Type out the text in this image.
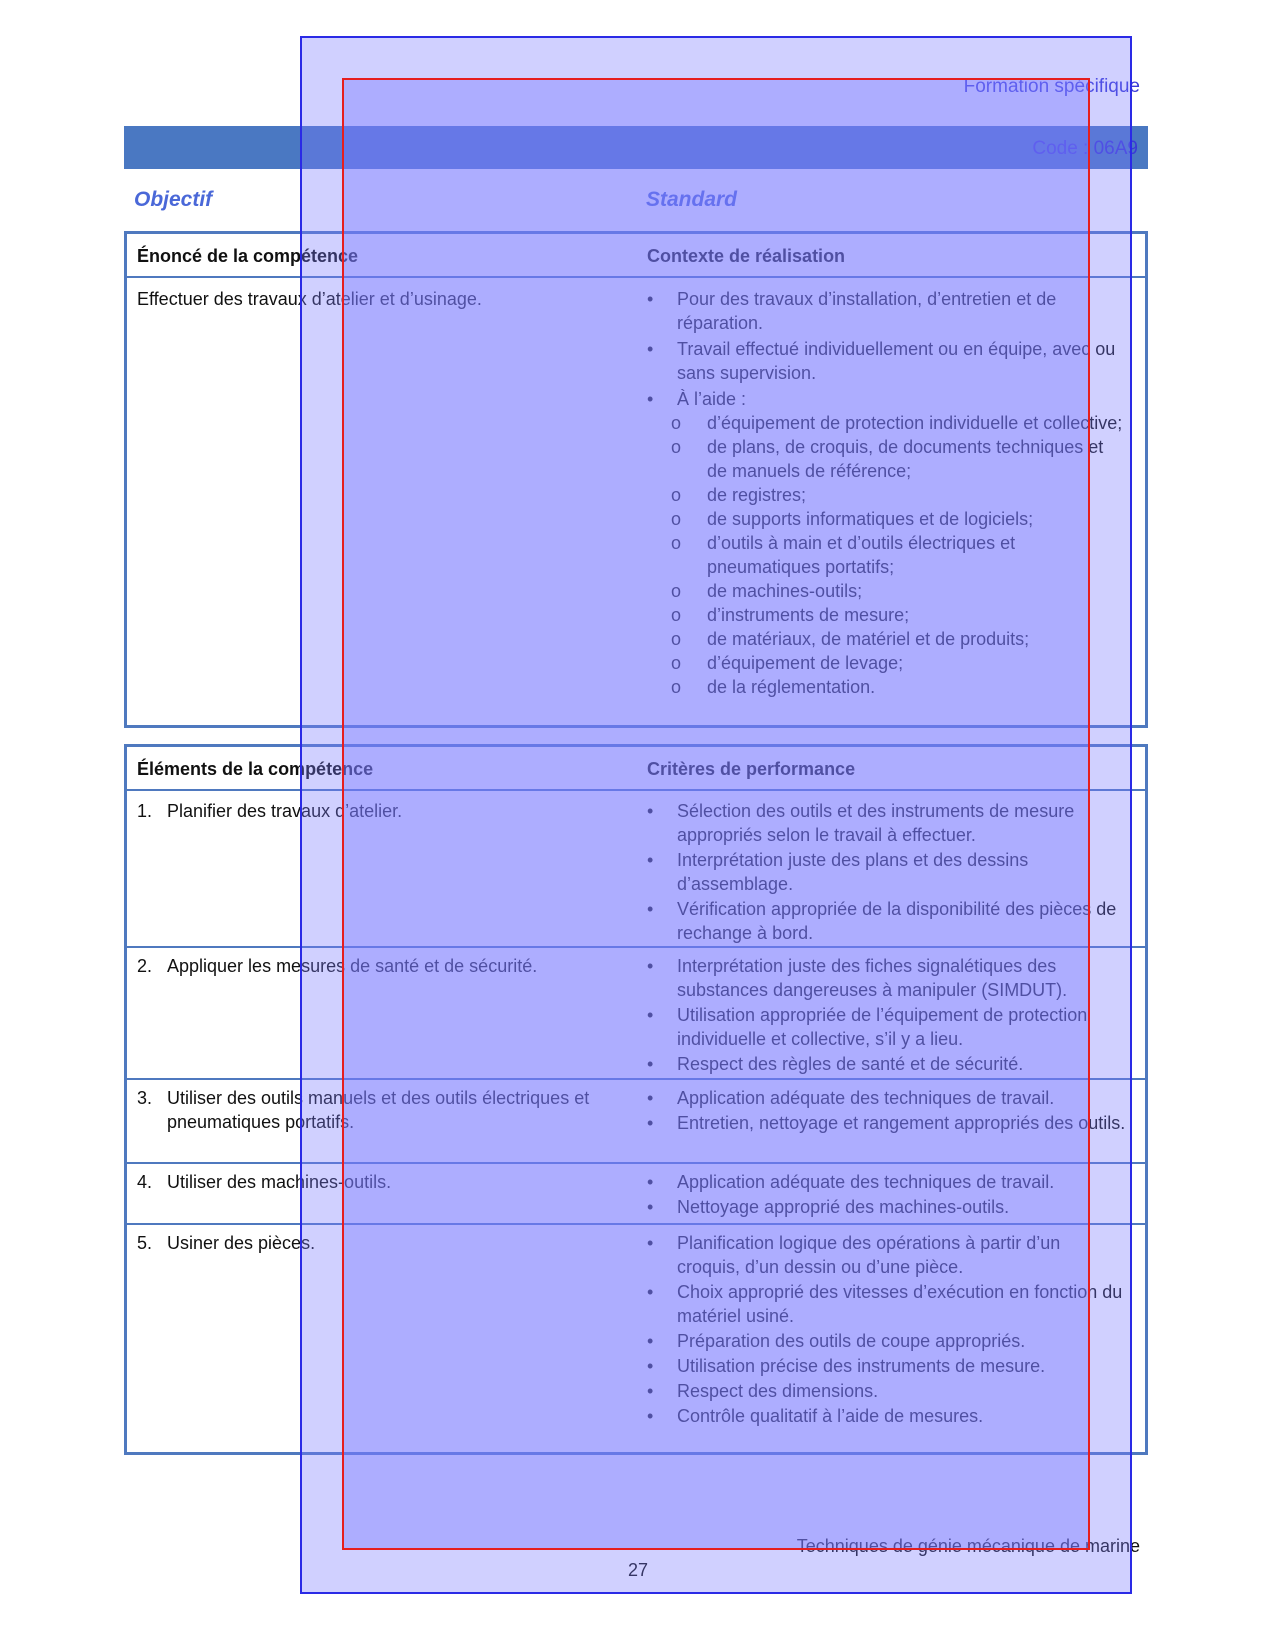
Formation spécifique
Code : 06A9
Objectif	Standard
Énoncé de la compétence	Contexte de réalisation
Effectuer des travaux d’atelier et d’usinage.	•	Pour des travaux d’installation, d’entretien et de réparation.
•	Travail effectué individuellement ou en équipe, avec ou sans supervision.
•	À l’aide :
o	d’équipement de protection individuelle et collective;
o	de plans, de croquis, de documents techniques et de manuels de référence;
o	de registres;
o	de supports informatiques et de logiciels;
o	d’outils à main et d’outils électriques et pneumatiques portatifs;
o	de machines-outils;
o	d’instruments de mesure;
o	de matériaux, de matériel et de produits;
o	d’équipement de levage;
o	de la réglementation.
Éléments de la compétence	Critères de performance
1. Planifier des travaux d’atelier.	•	Sélection des outils et des instruments de mesure appropriés selon le travail à effectuer.
•	Interprétation juste des plans et des dessins d’assemblage.
•	Vérification appropriée de la disponibilité des pièces de rechange à bord.
2. Appliquer les mesures de santé et de sécurité.	•	Interprétation juste des fiches signalétiques des substances dangereuses à manipuler (SIMDUT).
•	Utilisation appropriée de l’équipement de protection individuelle et collective, s’il y a lieu.
•	Respect des règles de santé et de sécurité.
3. Utiliser des outils manuels et des outils électriques et pneumatiques portatifs.
•	Application adéquate des techniques de travail.
•	Entretien, nettoyage et rangement appropriés des outils.
4. Utiliser des machines-outils.	•	Application adéquate des techniques de travail.
•	Nettoyage approprié des machines-outils.
5. Usiner des pièces.	•	Planification logique des opérations à partir d’un croquis, d’un dessin ou d’une pièce.
•	Choix approprié des vitesses d’exécution en fonction du matériel usiné.
•	Préparation des outils de coupe appropriés.
•	Utilisation précise des instruments de mesure.
•	Respect des dimensions.
•	Contrôle qualitatif à l’aide de mesures.
Techniques de génie mécanique de marine
27
